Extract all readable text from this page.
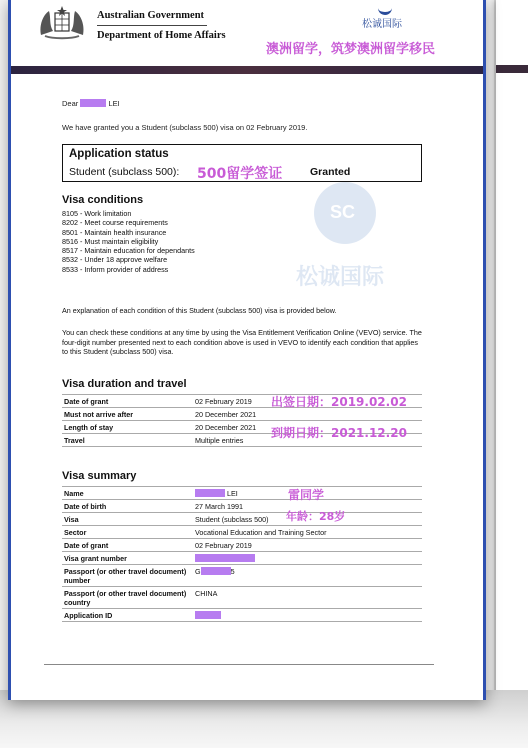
Australian Government
Department of Home Affairs
松诚国际
澳洲留学，筑梦澳洲留学移民
SC
松诚国际
Dear	LEI
We have granted you a Student (subclass 500) visa on 02 February 2019.
Application status
Student (subclass 500): 500留学签证	Granted
Visa conditions
8105 - Work limitation
8202 - Meet course requirements
8501 - Maintain health insurance
8516 - Must maintain eligibility
8517 - Maintain education for dependants
8532 - Under 18 approve welfare
8533 - Inform provider of address
An explanation of each condition of this Student (subclass 500) visa is provided below.
You can check these conditions at any time by using the Visa Entitlement Verification Online (VEVO) service. The four-digit number presented next to each condition above is used in VEVO to identify each condition that applies to this Student (subclass 500) visa.
Visa duration and travel
Date of grant	02 February 2019
Must not arrive after	20 December 2021
Length of stay	20 December 2021
Travel	Multiple entries
出签日期：2019.02.02
到期日期：2021.12.20
Visa summary
Name	LEI
Date of birth	27 March 1991
Visa	Student (subclass 500)
Sector	Vocational Education and Training Sector
Date of grant	02 February 2019
Visa grant number	
Passport (or other travel document) number	G 5
Passport (or other travel document) country	CHINA
Application ID	
雷同学
年龄：28岁
